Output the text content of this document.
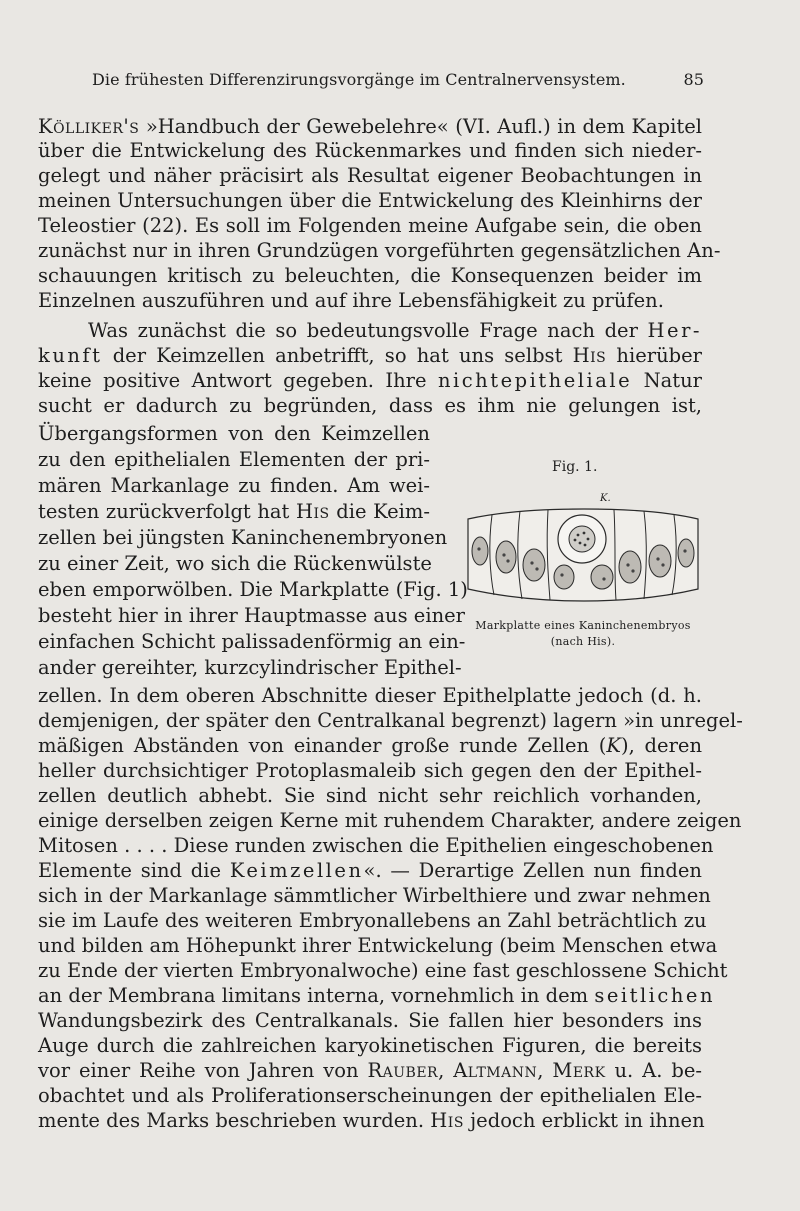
Die frühesten Differenzirungsvorgänge im Centralnervensystem.	85
Kölliker's »Handbuch der Gewebelehre« (VI. Aufl.) in dem Kapitel
über die Entwickelung des Rückenmarkes und finden sich nieder-
gelegt und näher präcisirt als Resultat eigener Beobachtungen in
meinen Untersuchungen über die Entwickelung des Kleinhirns der
Teleostier (22). Es soll im Folgenden meine Aufgabe sein, die oben
zunächst nur in ihren Grundzügen vorgeführten gegensätzlichen An-
schauungen kritisch zu beleuchten, die Konsequenzen beider im
Einzelnen auszuführen und auf ihre Lebensfähigkeit zu prüfen.
Was zunächst die so bedeutungsvolle Frage nach der Her-
kunft der Keimzellen anbetrifft, so hat uns selbst His hierüber
keine positive Antwort gegeben. Ihre nichtepitheliale Natur
sucht er dadurch zu begründen, dass es ihm nie gelungen ist,
Übergangsformen von den Keimzellen
zu den epithelialen Elementen der pri-
mären Markanlage zu finden. Am wei-
testen zurückverfolgt hat His die Keim-
zellen bei jüngsten Kaninchenembryonen
zu einer Zeit, wo sich die Rückenwülste
eben emporwölben. Die Markplatte (Fig. 1)
besteht hier in ihrer Hauptmasse aus einer
einfachen Schicht palissadenförmig an ein-
ander gereihter, kurzcylindrischer Epithel-
zellen. In dem oberen Abschnitte dieser Epithelplatte jedoch (d. h.
demjenigen, der später den Centralkanal begrenzt) lagern »in unregel-
mäßigen Abständen von einander große runde Zellen (K), deren
heller durchsichtiger Protoplasmaleib sich gegen den der Epithel-
zellen deutlich abhebt. Sie sind nicht sehr reichlich vorhanden,
einige derselben zeigen Kerne mit ruhendem Charakter, andere zeigen
Mitosen . . . . Diese runden zwischen die Epithelien eingeschobenen
Elemente sind die Keimzellen«. — Derartige Zellen nun finden
sich in der Markanlage sämmtlicher Wirbelthiere und zwar nehmen
sie im Laufe des weiteren Embryonallebens an Zahl beträchtlich zu
und bilden am Höhepunkt ihrer Entwickelung (beim Menschen etwa
zu Ende der vierten Embryonalwoche) eine fast geschlossene Schicht
an der Membrana limitans interna, vornehmlich in dem seitlichen
Wandungsbezirk des Centralkanals. Sie fallen hier besonders ins
Auge durch die zahlreichen karyokinetischen Figuren, die bereits
vor einer Reihe von Jahren von Rauber, Altmann, Merk u. A. be-
obachtet und als Proliferationserscheinungen der epithelialen Ele-
mente des Marks beschrieben wurden. His jedoch erblickt in ihnen
Fig. 1.
K.
Markplatte eines Kaninchenembryos
(nach His).
